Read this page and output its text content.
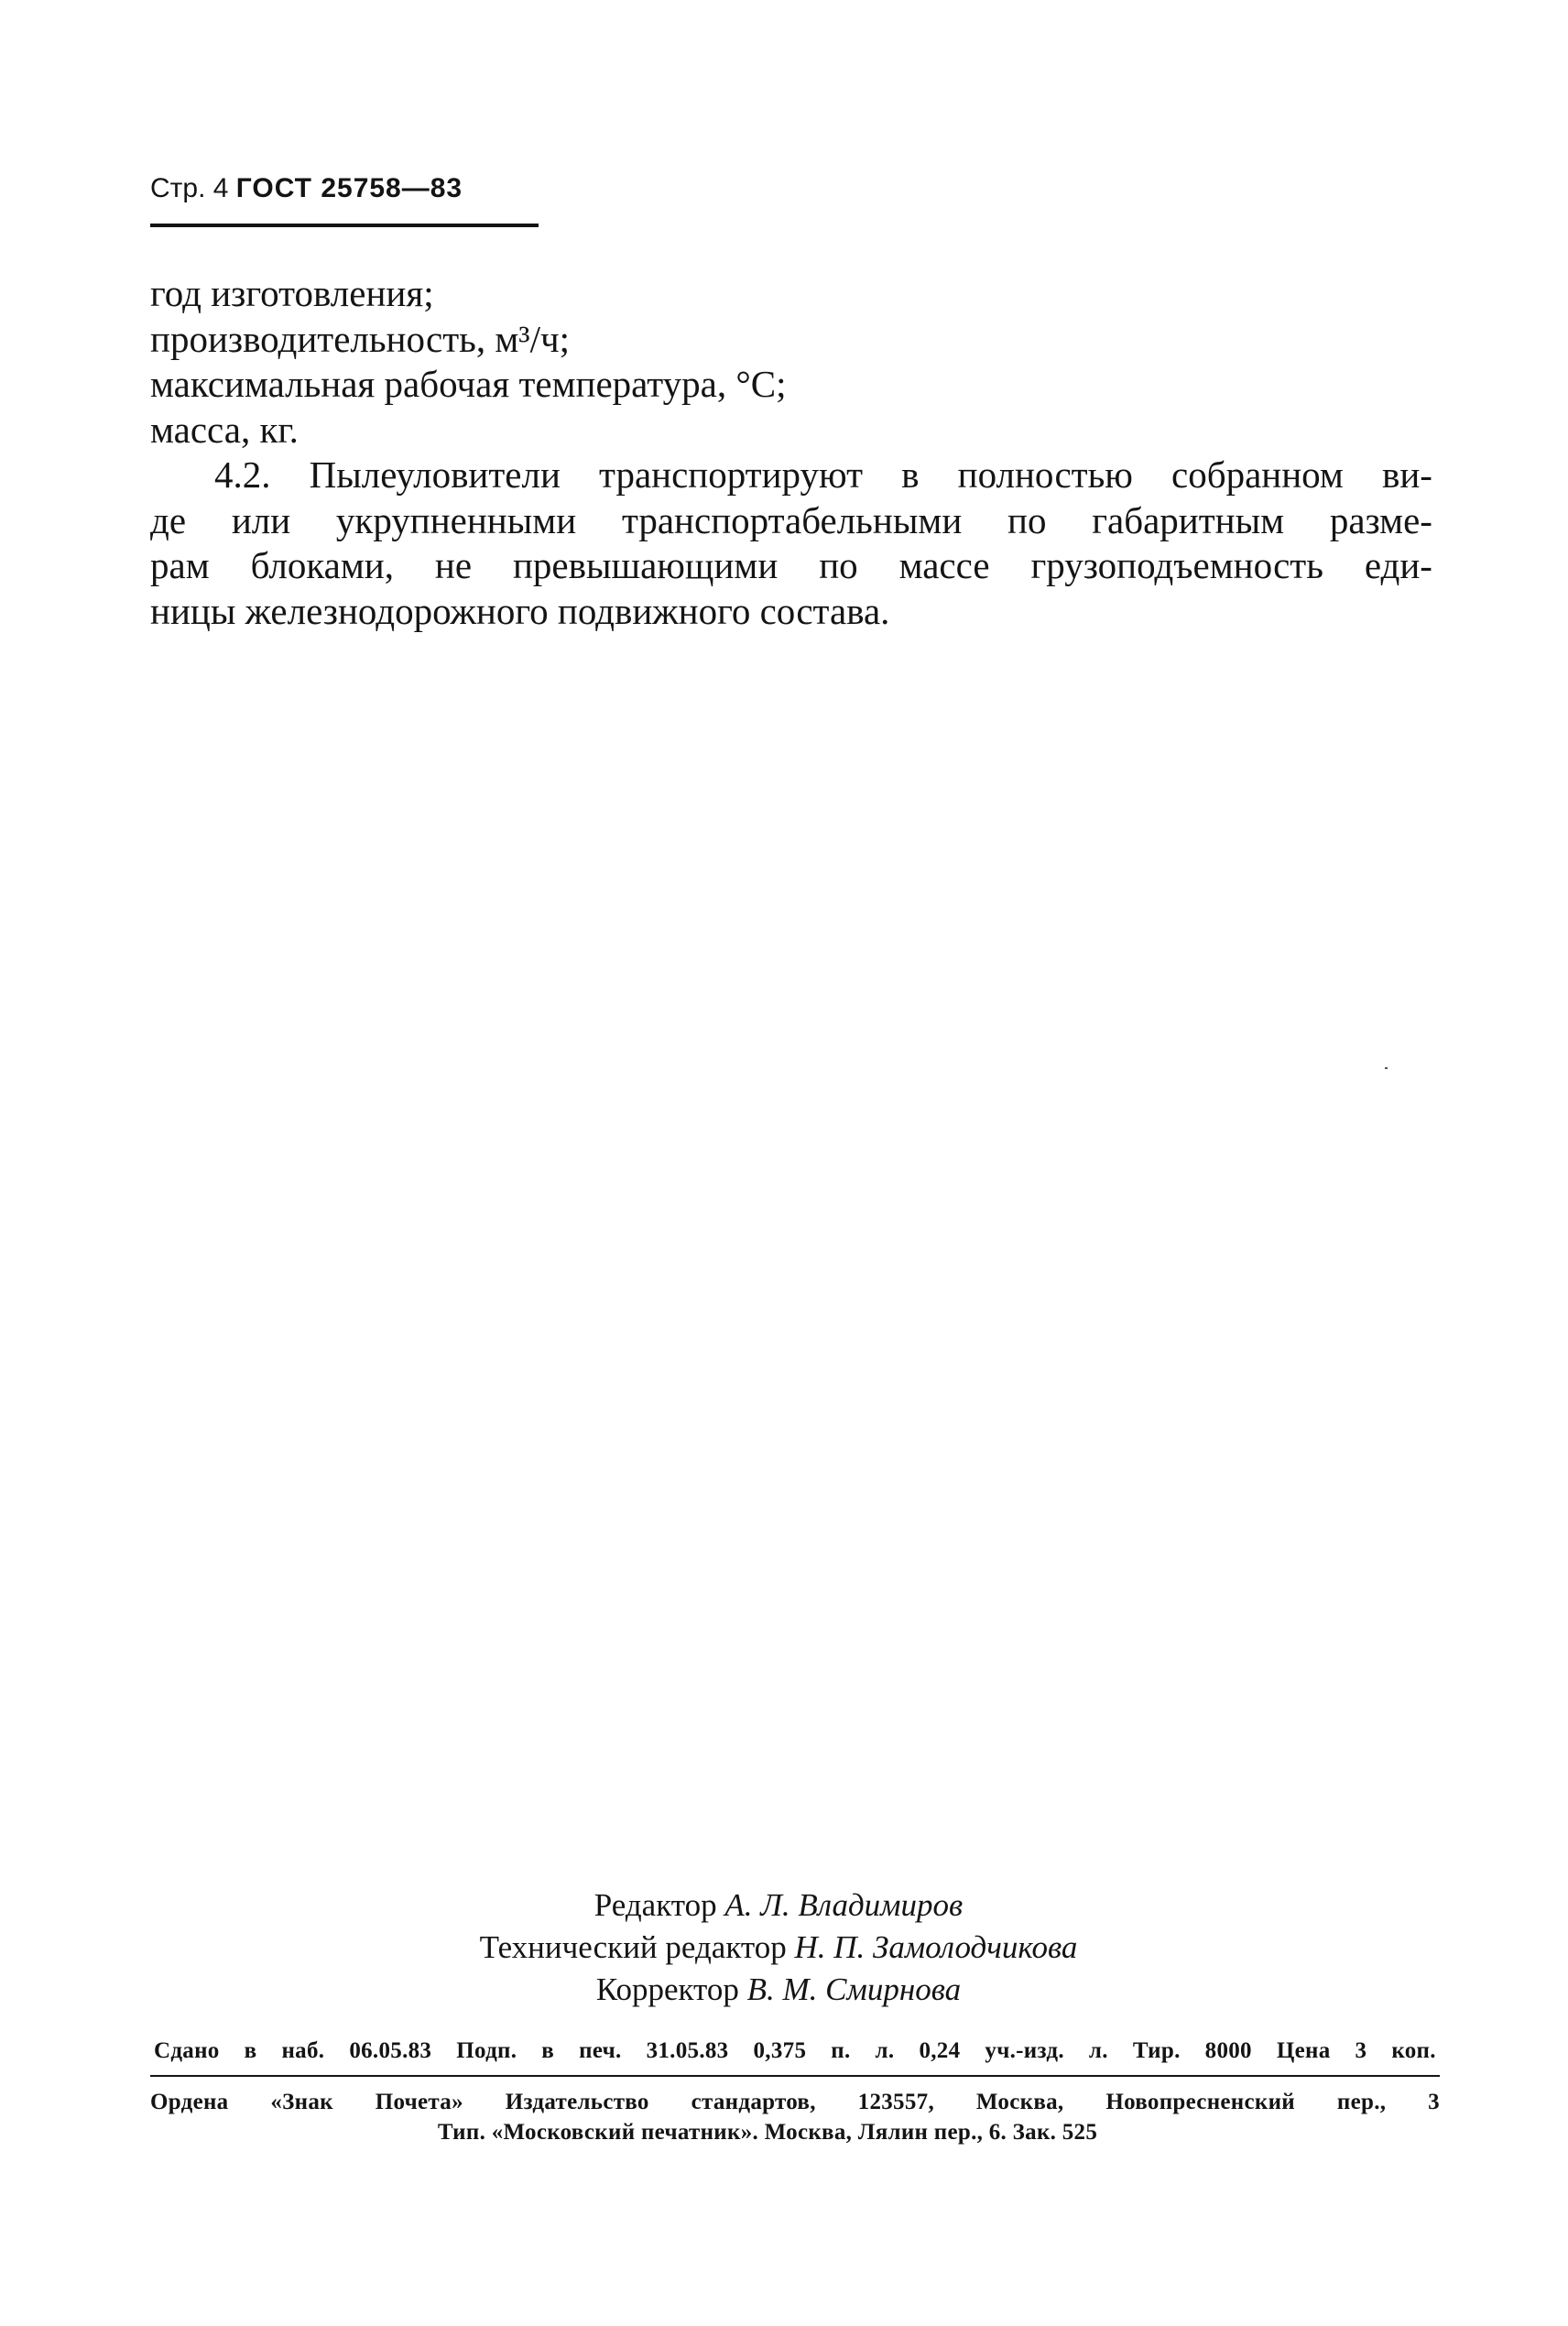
Стр. 4 ГОСТ 25758—83
год изготовления;
производительность, м³/ч;
максимальная рабочая температура, °С;
масса, кг.
4.2. Пылеуловители транспортируют в полностью собранном ви-
де или укрупненными транспортабельными по габаритным разме-
рам блоками, не превышающими по массе грузоподъемность еди-
ницы железнодорожного подвижного состава.
Редактор А. Л. Владимиров
Технический редактор Н. П. Замолодчикова
Корректор В. М. Смирнова
Сдано в наб. 06.05.83 Подп. в печ. 31.05.83 0,375 п. л. 0,24 уч.-изд. л. Тир. 8000 Цена 3 коп.
Ордена «Знак Почета» Издательство стандартов, 123557, Москва, Новопресненский пер., 3
Тип. «Московский печатник». Москва, Лялин пер., 6. Зак. 525
